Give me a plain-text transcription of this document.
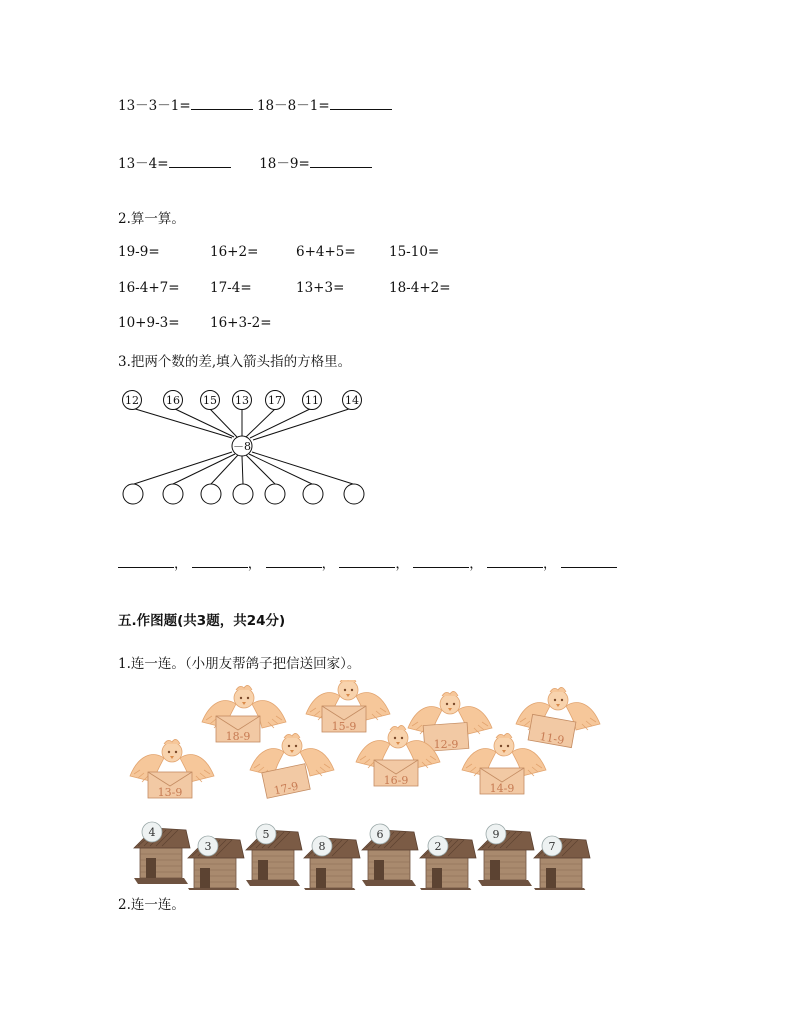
13－3－1=	18－8－1=
13－4=	18－9=
2.算一算。
19-9=	16+2=	6+4+5= 15-10=
16-4+7= 17-4=	13+3=	18-4+2=
10+9-3= 16+3-2=
3.把两个数的差,填入箭头指的方格里。
12 16 15 13 17 11 14
－8
，	，	，	，	，	，
五.作图题(共3题，共24分)
1.连一连。（小朋友帮鸽子把信送回家）。
18-9
15-9
12-9	11-9
13-9	17-9	16-9
14-9
4
3
5
8
6
2
9
7
2.连一连。
